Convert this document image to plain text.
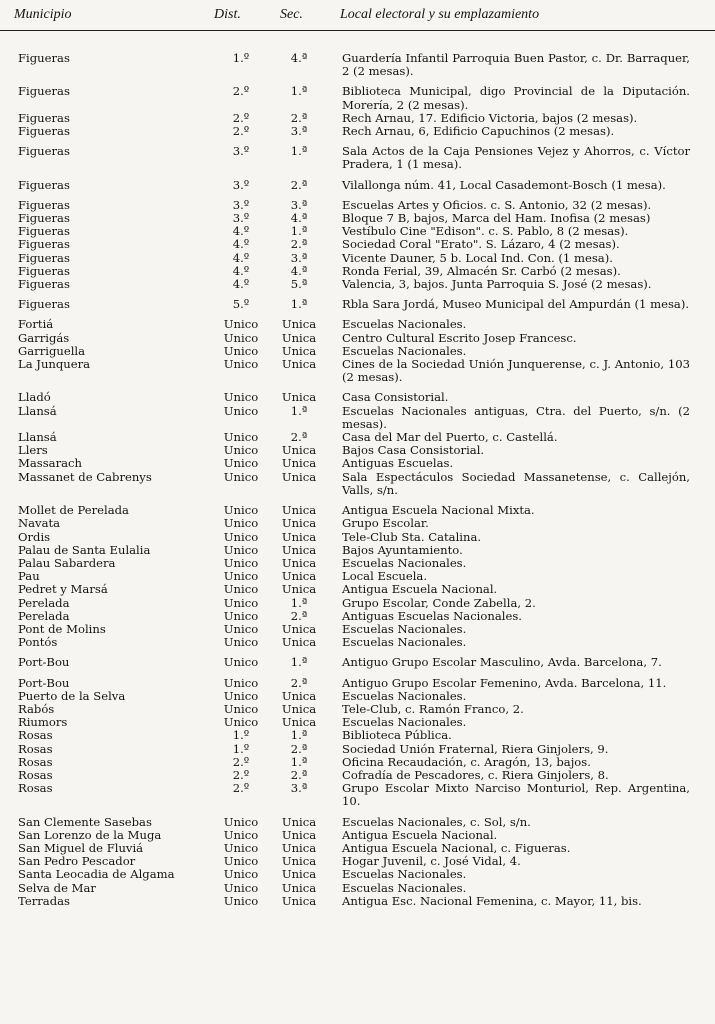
Municipio	Dist.	Sec.	Local electoral y su emplazamiento
Figueras	1.º	4.ª	Guardería Infantil Parroquia Buen Pastor, c. Dr. Barraquer, 2 (2 mesas).
Figueras	2.º	1.ª	Biblioteca Municipal, digo Provincial de la Diputación. Morería, 2 (2 mesas).
Figueras	2.º	2.ª	Rech Arnau, 17. Edificio Victoria, bajos (2 mesas).
Figueras	2.º	3.ª	Rech Arnau, 6, Edificio Capuchinos (2 mesas).
Figueras	3.º	1.ª	Sala Actos de la Caja Pensiones Vejez y Ahorros, c. Víctor Pradera, 1 (1 mesa).
Figueras	3.º	2.ª	Vilallonga núm. 41, Local Casademont-Bosch (1 mesa).
Figueras	3.º	3.ª	Escuelas Artes y Oficios. c. S. Antonio, 32 (2 mesas).
Figueras	3.º	4.ª	Bloque 7 B, bajos, Marca del Ham. Inofisa (2 mesas)
Figueras	4.º	1.ª	Vestíbulo Cine "Edison". c. S. Pablo, 8 (2 mesas).
Figueras	4.º	2.ª	Sociedad Coral "Erato". S. Lázaro, 4 (2 mesas).
Figueras	4.º	3.ª	Vicente Dauner, 5 b. Local Ind. Con. (1 mesa).
Figueras	4.º	4.ª	Ronda Ferial, 39, Almacén Sr. Carbó (2 mesas).
Figueras	4.º	5.ª	Valencia, 3, bajos. Junta Parroquia S. José (2 mesas).
Figueras	5.º	1.ª	Rbla Sara Jordá, Museo Municipal del Ampurdán (1 mesa).
Fortiá	Unico	Unica	Escuelas Nacionales.
Garrigás	Unico	Unica	Centro Cultural Escrito Josep Francesc.
Garriguella	Unico	Unica	Escuelas Nacionales.
La Junquera	Unico	Unica	Cines de la Sociedad Unión Junquerense, c. J. Antonio, 103 (2 mesas).
Lladó	Unico	Unica	Casa Consistorial.
Llansá	Unico	1.ª	Escuelas Nacionales antiguas, Ctra. del Puerto, s/n. (2 mesas).
Llansá	Unico	2.ª	Casa del Mar del Puerto, c. Castellá.
Llers	Unico	Unica	Bajos Casa Consistorial.
Massarach	Unico	Unica	Antiguas Escuelas.
Massanet de Cabrenys	Unico	Unica	Sala Espectáculos Sociedad Massanetense, c. Callejón, Valls, s/n.
Mollet de Perelada	Unico	Unica	Antigua Escuela Nacional Mixta.
Navata	Unico	Unica	Grupo Escolar.
Ordis	Unico	Unica	Tele-Club Sta. Catalina.
Palau de Santa Eulalia	Unico	Unica	Bajos Ayuntamiento.
Palau Sabardera	Unico	Unica	Escuelas Nacionales.
Pau	Unico	Unica	Local Escuela.
Pedret y Marsá	Unico	Unica	Antigua Escuela Nacional.
Perelada	Unico	1.ª	Grupo Escolar, Conde Zabella, 2.
Perelada	Unico	2.ª	Antiguas Escuelas Nacionales.
Pont de Molins	Unico	Unica	Escuelas Nacionales.
Pontós	Unico	Unica	Escuelas Nacionales.
Port-Bou	Unico	1.ª	Antiguo Grupo Escolar Masculino, Avda. Barcelona, 7.
Port-Bou	Unico	2.ª	Antiguo Grupo Escolar Femenino, Avda. Barcelona, 11.
Puerto de la Selva	Unico	Unica	Escuelas Nacionales.
Rabós	Unico	Unica	Tele-Club, c. Ramón Franco, 2.
Riumors	Unico	Unica	Escuelas Nacionales.
Rosas	1.º	1.ª	Biblioteca Pública.
Rosas	1.º	2.ª	Sociedad Unión Fraternal, Riera Ginjolers, 9.
Rosas	2.º	1.ª	Oficina Recaudación, c. Aragón, 13, bajos.
Rosas	2.º	2.ª	Cofradía de Pescadores, c. Riera Ginjolers, 8.
Rosas	2.º	3.ª	Grupo Escolar Mixto Narciso Monturiol, Rep. Argentina, 10.
San Clemente Sasebas	Unico	Unica	Escuelas Nacionales, c. Sol, s/n.
San Lorenzo de la Muga	Unico	Unica	Antigua Escuela Nacional.
San Miguel de Fluviá	Unico	Unica	Antigua Escuela Nacional, c. Figueras.
San Pedro Pescador	Unico	Unica	Hogar Juvenil, c. José Vidal, 4.
Santa Leocadia de Algama	Unico	Unica	Escuelas Nacionales.
Selva de Mar	Unico	Unica	Escuelas Nacionales.
Terradas	Unico	Unica	Antigua Esc. Nacional Femenina, c. Mayor, 11, bis.
